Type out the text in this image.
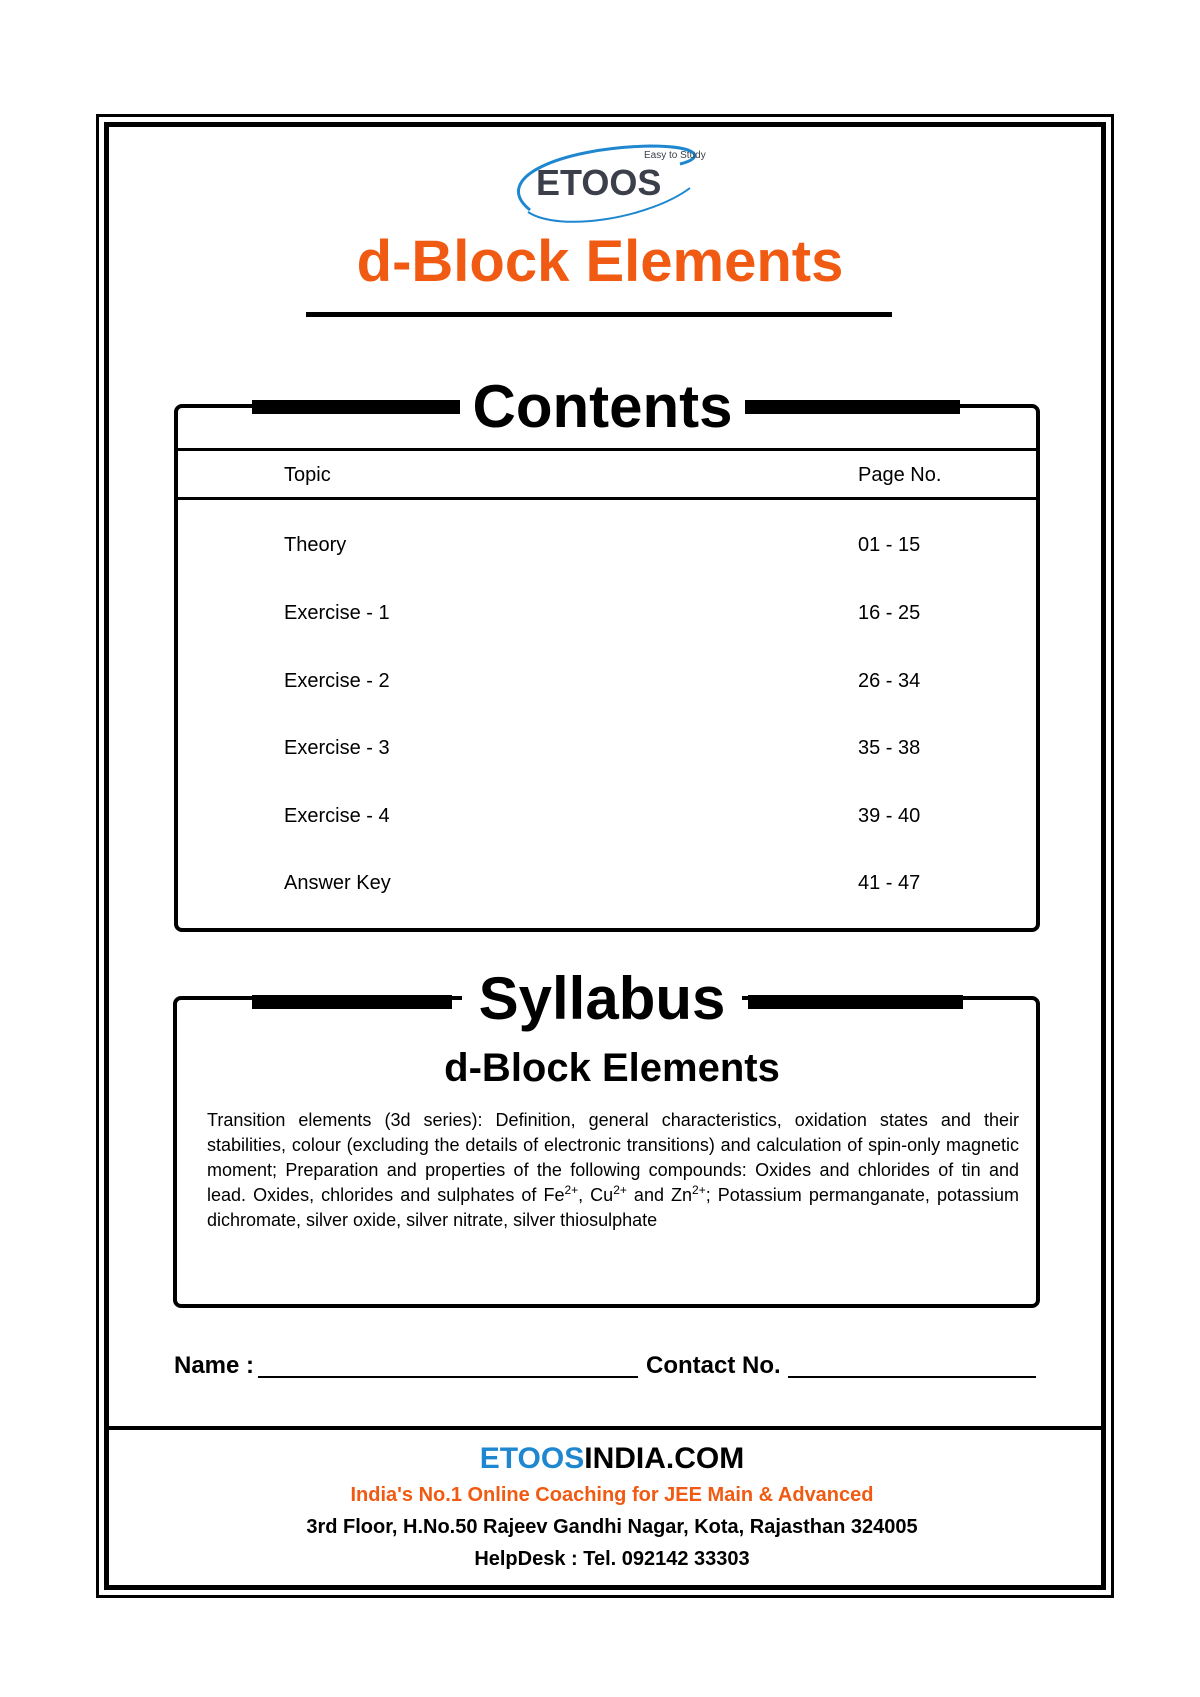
ETOOS
Easy to Study
d-Block Elements
Contents
Topic	Page No.
Theory	01 - 15
Exercise - 1	16 - 25
Exercise - 2	26 - 34
Exercise - 3	35 - 38
Exercise - 4	39 - 40
Answer Key	41 - 47
Syllabus
d-Block Elements
Transition elements (3d series): Definition, general characteristics, oxidation states and their stabilities, colour (excluding the details of electronic transitions) and calculation of spin-only magnetic moment; Preparation and properties of the following compounds: Oxides and chlorides of tin and lead. Oxides, chlorides and sulphates of $Fe^{2+}$, $Cu^{2+}$ and $Zn^{2+}$; Potassium permanganate, potassium dichromate, silver oxide, silver nitrate, silver thiosulphate
Name :	Contact No.
ETOOSINDIA.COM
India's No.1 Online Coaching for JEE Main & Advanced
3rd Floor, H.No.50 Rajeev Gandhi Nagar, Kota, Rajasthan 324005
HelpDesk : Tel. 092142 33303
